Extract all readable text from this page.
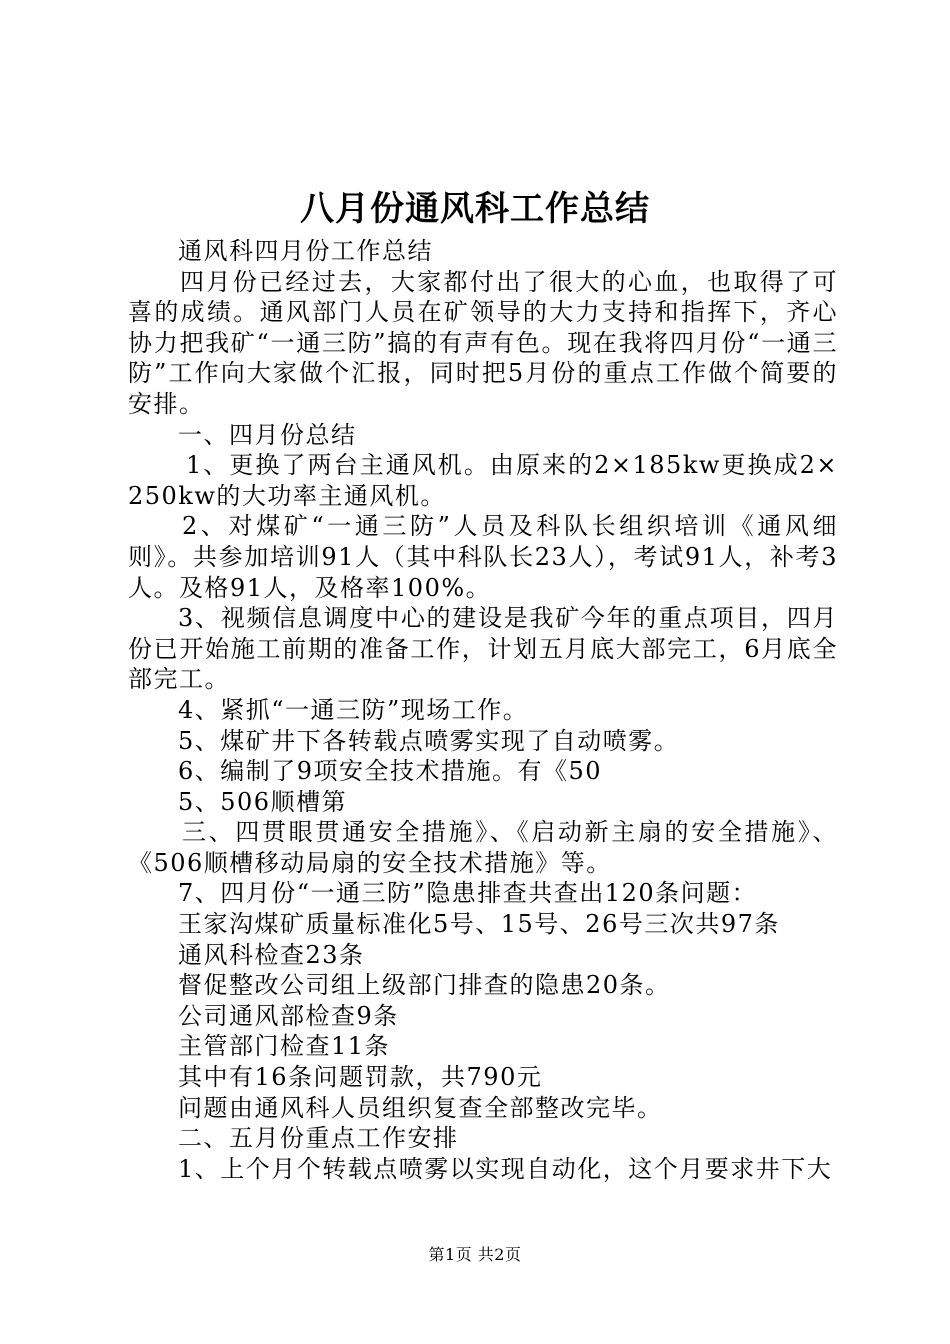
八月份通风科工作总结

通风科四月份工作总结

四月份已经过去，大家都付出了很大的心血，也取得了可喜的成绩。通风部门人员在矿领导的大力支持和指挥下，齐心协力把我矿“一通三防”搞的有声有色。现在我将四月份“一通三防”工作向大家做个汇报，同时把5月份的重点工作做个简要的安排。

一、四月份总结

1、更换了两台主通风机。由原来的2×185kw更换成2×250kw的大功率主通风机。

2、对煤矿“一通三防”人员及科队长组织培训《通风细则》。共参加培训91人（其中科队长23人），考试91人，补考3人。及格91人，及格率100%。

3、视频信息调度中心的建设是我矿今年的重点项目，四月份已开始施工前期的准备工作，计划五月底大部完工，6月底全部完工。

4、紧抓“一通三防”现场工作。

5、煤矿井下各转载点喷雾实现了自动喷雾。

6、编制了9项安全技术措施。有《50

5、506顺槽第

三、四贯眼贯通安全措施》、《启动新主扇的安全措施》、《506顺槽移动局扇的安全技术措施》等。

7、四月份“一通三防”隐患排查共查出120条问题：

王家沟煤矿质量标准化5号、15号、26号三次共97条

通风科检查23条

督促整改公司组上级部门排查的隐患20条。

公司通风部检查9条

主管部门检查11条

其中有16条问题罚款，共790元

问题由通风科人员组织复查全部整改完毕。

二、五月份重点工作安排

1、上个月个转载点喷雾以实现自动化，这个月要求井下大

第1页 共2页
